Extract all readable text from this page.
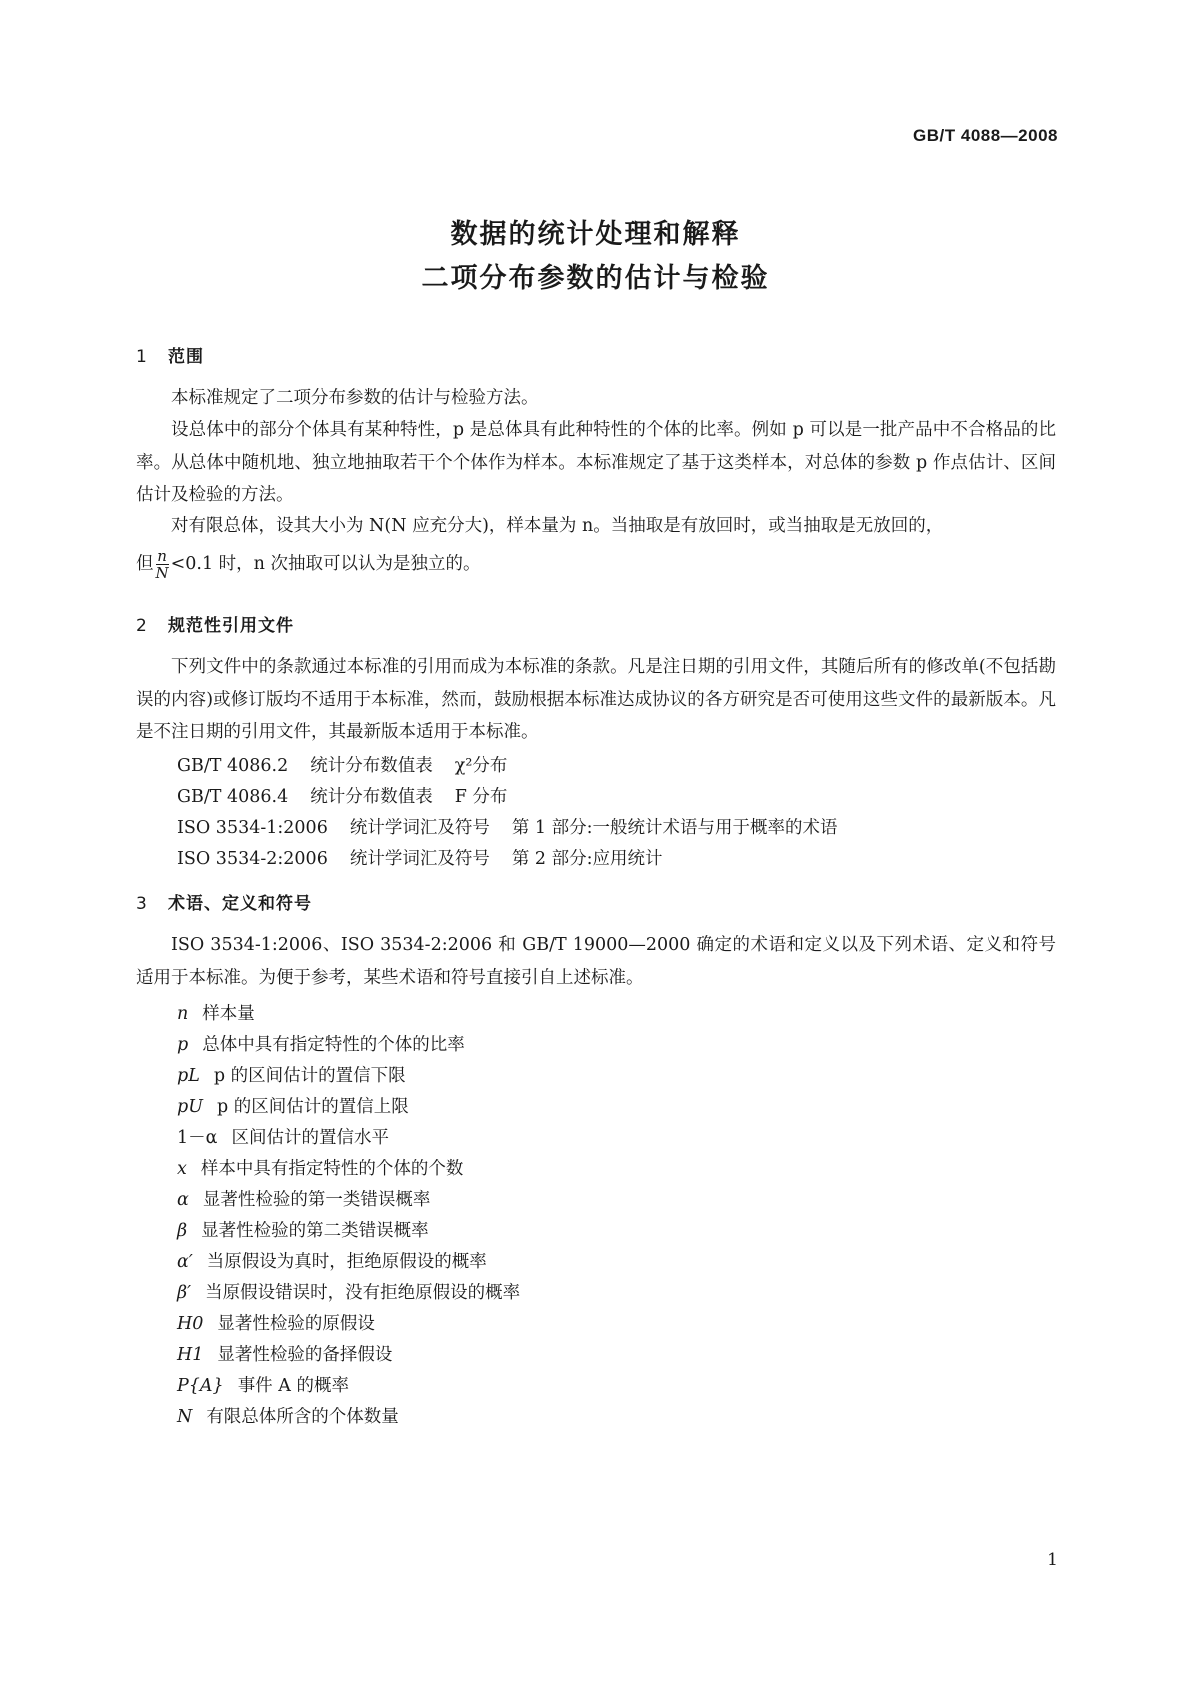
GB/T 4088—2008
数据的统计处理和解释
二项分布参数的估计与检验
1 范围

本标准规定了二项分布参数的估计与检验方法。

设总体中的部分个体具有某种特性，p 是总体具有此种特性的个体的比率。例如 p 可以是一批产品中不合格品的比率。从总体中随机地、独立地抽取若干个个体作为样本。本标准规定了基于这类样本，对总体的参数 p 作点估计、区间估计及检验的方法。

对有限总体，设其大小为 N(N 应充分大)，样本量为 n。当抽取是有放回时，或当抽取是无放回的，

但 $\frac{n}{N} <0.1$ 时，n 次抽取可以认为是独立的。
2 规范性引用文件

下列文件中的条款通过本标准的引用而成为本标准的条款。凡是注日期的引用文件，其随后所有的修改单(不包括勘误的内容)或修订版均不适用于本标准，然而，鼓励根据本标准达成协议的各方研究是否可使用这些文件的最新版本。凡是不注日期的引用文件，其最新版本适用于本标准。

GB/T 4086.2 统计分布数值表 χ²分布
GB/T 4086.4 统计分布数值表 F 分布
ISO 3534-1:2006 统计学词汇及符号 第 1 部分:一般统计术语与用于概率的术语
ISO 3534-2:2006 统计学词汇及符号 第 2 部分:应用统计
3 术语、定义和符号

ISO 3534-1:2006、ISO 3534-2:2006 和 GB/T 19000—2000 确定的术语和定义以及下列术语、定义和符号适用于本标准。为便于参考，某些术语和符号直接引自上述标准。

n 样本量
p 总体中具有指定特性的个体的比率
pL p 的区间估计的置信下限
pU p 的区间估计的置信上限
1－α 区间估计的置信水平
x 样本中具有指定特性的个体的个数
α 显著性检验的第一类错误概率
β 显著性检验的第二类错误概率
α′ 当原假设为真时，拒绝原假设的概率
β′ 当原假设错误时，没有拒绝原假设的概率
H0 显著性检验的原假设
H1 显著性检验的备择假设
P{A} 事件 A 的概率
N 有限总体所含的个体数量
1
